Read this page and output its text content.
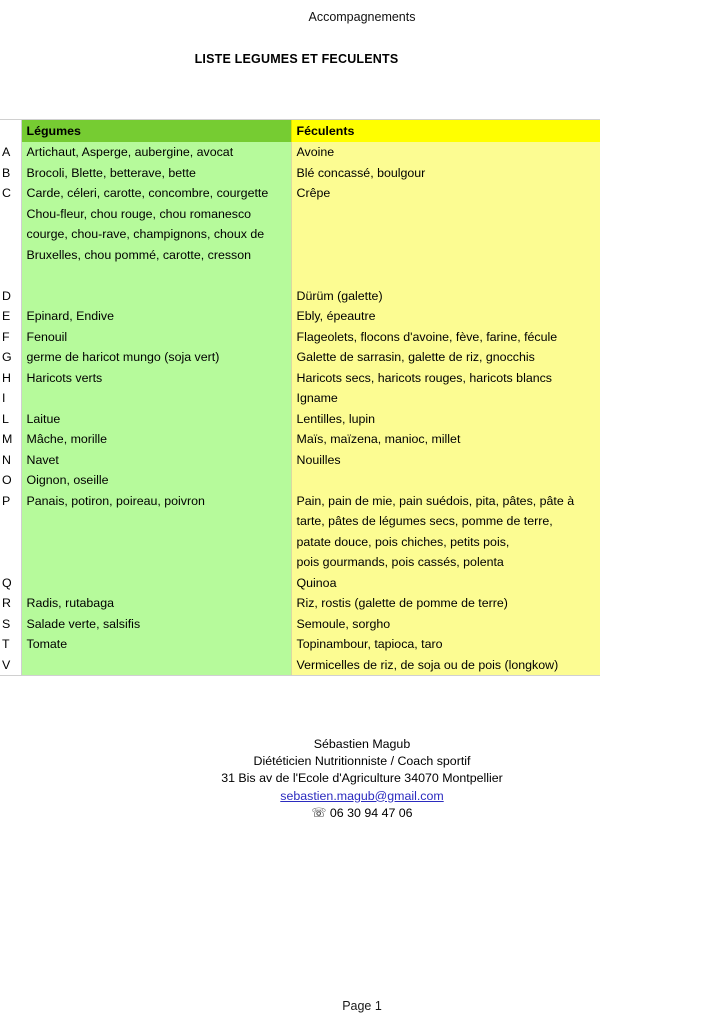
Accompagnements
LISTE LEGUMES ET FECULENTS
	Légumes	Féculents
A	Artichaut, Asperge, aubergine, avocat	Avoine
B	Brocoli, Blette, betterave, bette	Blé concassé, boulgour
C	Carde, céleri, carotte, concombre, courgette	Crêpe
	Chou-fleur, chou rouge, chou romanesco	
	courge, chou-rave, champignons, choux de	
	Bruxelles, chou pommé, carotte, cresson	

D		Dürüm (galette)
E	Epinard, Endive	Ebly, épeautre
F	Fenouil	Flageolets, flocons d'avoine, fève, farine, fécule
G	germe de haricot mungo (soja vert)	Galette de sarrasin, galette de riz, gnocchis
H	Haricots verts	Haricots secs, haricots rouges, haricots blancs
I		Igname
L	Laitue	Lentilles, lupin
M	Mâche, morille	Maïs, maïzena, manioc, millet
N	Navet	Nouilles
O	Oignon, oseille	
P	Panais, potiron, poireau, poivron	Pain, pain de mie, pain suédois, pita, pâtes, pâte à
		tarte, pâtes de légumes secs, pomme de terre,
		patate douce, pois chiches, petits pois,
		pois gourmands, pois cassés, polenta
Q		Quinoa
R	Radis, rutabaga	Riz, rostis (galette de pomme de terre)
S	Salade verte, salsifis	Semoule, sorgho
T	Tomate	Topinambour, tapioca, taro
V		Vermicelles de riz, de soja ou de pois (longkow)
Sébastien Magub
Diététicien Nutritionniste / Coach sportif
31 Bis av de l'Ecole d'Agriculture 34070 Montpellier
sebastien.magub@gmail.com
☏ 06 30 94 47 06
Page 1
